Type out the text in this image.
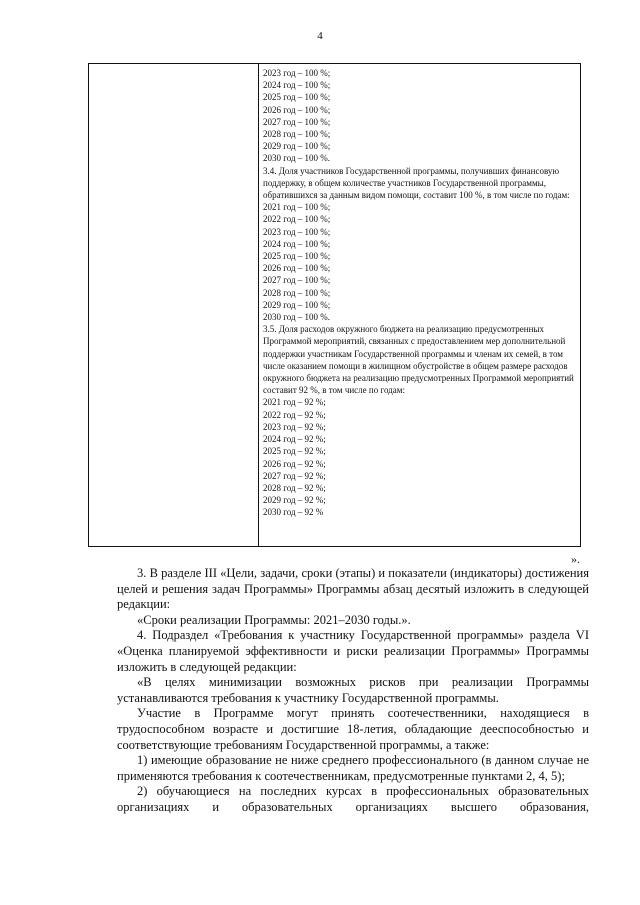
4
2023 год – 100 %;
2024 год – 100 %;
2025 год – 100 %;
2026 год – 100 %;
2027 год – 100 %;
2028 год – 100 %;
2029 год – 100 %;
2030 год – 100 %.
3.4. Доля участников Государственной программы, получивших финансовую поддержку, в общем количестве участников Государственной программы, обратившихся за данным видом помощи, составит 100 %, в том числе по годам:
2021 год – 100 %;
2022 год – 100 %;
2023 год – 100 %;
2024 год – 100 %;
2025 год – 100 %;
2026 год – 100 %;
2027 год – 100 %;
2028 год – 100 %;
2029 год – 100 %;
2030 год – 100 %.
3.5. Доля расходов окружного бюджета на реализацию предусмотренных Программой мероприятий, связанных с предоставлением мер дополнительной поддержки участникам Государственной программы и членам их семей, в том числе оказанием помощи в жилищном обустройстве в общем размере расходов окружного бюджета на реализацию предусмотренных Программой мероприятий составит 92 %, в том числе по годам:
2021 год – 92 %;
2022 год – 92 %;
2023 год – 92 %;
2024 год – 92 %;
2025 год – 92 %;
2026 год – 92 %;
2027 год – 92 %;
2028 год – 92 %;
2029 год – 92 %;
2030 год – 92 %
».

3. В разделе III «Цели, задачи, сроки (этапы) и показатели (индикаторы) достижения целей и решения задач Программы» Программы абзац десятый изложить в следующей редакции:

«Сроки реализации Программы: 2021–2030 годы.».

4. Подраздел «Требования к участнику Государственной программы» раздела VI «Оценка планируемой эффективности и риски реализации Программы» Программы изложить в следующей редакции:

«В целях минимизации возможных рисков при реализации Программы устанавливаются требования к участнику Государственной программы.

Участие в Программе могут принять соотечественники, находящиеся в трудоспособном возрасте и достигшие 18-летия, обладающие дееспособностью и соответствующие требованиям Государственной программы, а также:

1) имеющие образование не ниже среднего профессионального (в данном случае не применяются требования к соотечественникам, предусмотренные пунктами 2, 4, 5);

2) обучающиеся на последних курсах в профессиональных образовательных организациях и образовательных организациях высшего образования,
